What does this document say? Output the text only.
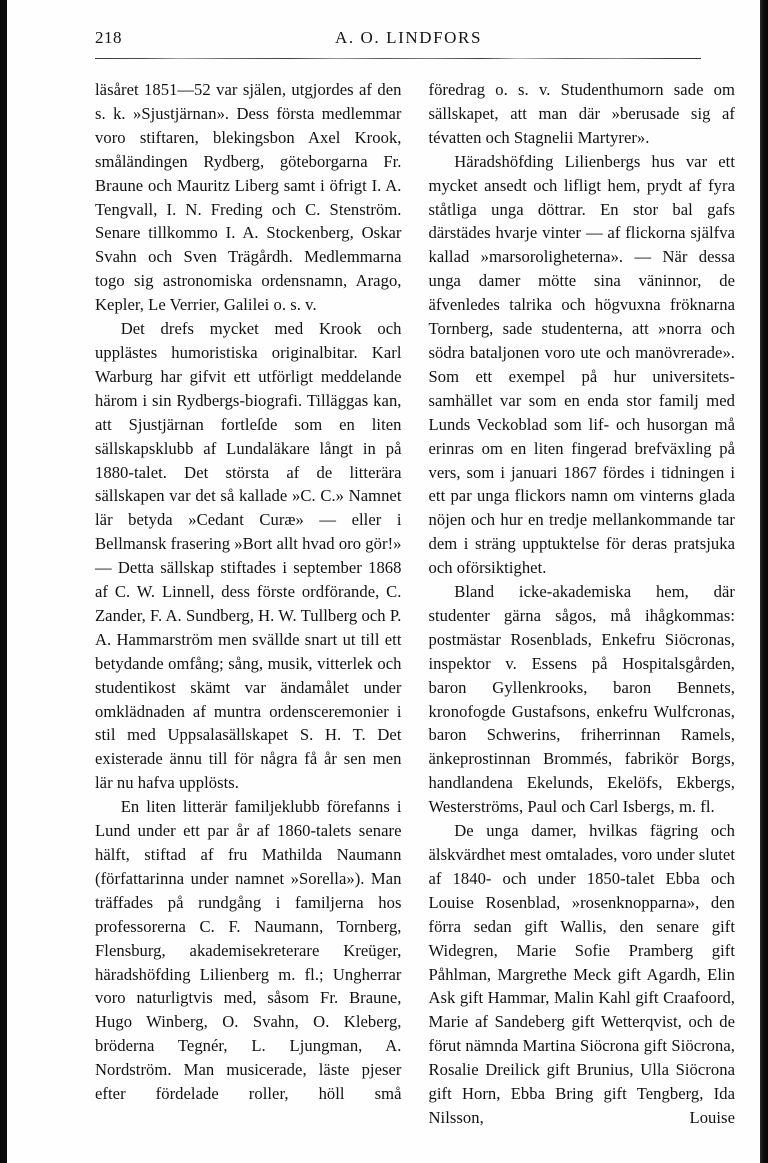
218	A. O. LINDFORS

läsåret 1851—52 var själen, utgjordes af den s. k. »Sjustjärnan». Dess första medlemmar voro stiftaren, blekingsbon Axel Krook, småländingen Rydberg, göteborgarna Fr. Braune och Mauritz Liberg samt i öfrigt I. A. Tengvall, I. N. Freding och C. Stenström. Senare tillkommo I. A. Stockenberg, Oskar Svahn och Sven Trägårdh. Medlemmarna togo sig astronomiska ordensnamn, Arago, Kepler, Le Verrier, Galilei o. s. v.

Det drefs mycket med Krook och upplästes humoristiska originalbitar. Karl Warburg har gifvit ett utförligt meddelande härom i sin Rydbergs-biografi. Tilläggas kan, att Sjustjärnan fortleſde som en liten sällskapsklubb af Lundaläkare långt in på 1880-talet. Det största af de litterära sällskapen var det så kallade »C. C.» Namnet lär betyda »Cedant Curæ» — eller i Bellmansk frasering »Bort allt hvad oro gör!» — Detta sällskap stiftades i september 1868 af C. W. Linnell, dess förste ordförande, C. Zander, F. A. Sundberg, H. W. Tullberg och P. A. Hammarström men svällde snart ut till ett betydande omfång; sång, musik, vitterlek och studentikost skämt var ändamålet under omklädnaden af muntra ordensceremonier i stil med Uppsalasällskapet S. H. T. Det existerade ännu till för några få år sen men lär nu hafva upplösts.

En liten litterär familjeklubb förefanns i Lund under ett par år af 1860-talets senare hälft, stiftad af fru Mathilda Naumann (författarinna under namnet »Sorella»). Man träffades på rundgång i familjerna hos professorerna C. F. Naumann, Tornberg, Flensburg, akademisekreterare Kreüger, häradshöfding Lilienberg m. fl.; Ungherrar voro naturligtvis med, såsom Fr. Braune, Hugo Winberg, O. Svahn, O. Kleberg, bröderna Tegnér, L. Ljungman, A. Nordström. Man musicerade, läste pjeser efter fördelade roller, höll små

föredrag o. s. v. Studenthumorn sade om sällskapet, att man där »berusade sig af tévatten och Stagnelii Martyrer».

Häradshöfding Lilienbergs hus var ett mycket ansedt och lifligt hem, prydt af fyra ståtliga unga döttrar. En stor bal gafs därstädes hvarje vinter — af flickorna själfva kallad »marsoroligheterna». — När dessa unga damer mötte sina väninnor, de äfvenledes talrika och högvuxna fröknarna Tornberg, sade studenterna, att »norra och södra bataljonen voro ute och manövrerade». Som ett exempel på hur universitets-samhället var som en enda stor familj med Lunds Veckoblad som lif- och husorgan må erinras om en liten fingerad brefväxling på vers, som i januari 1867 fördes i tidningen i ett par unga flickors namn om vinterns glada nöjen och hur en tredje mellankommande tar dem i sträng upptuktelse för deras pratsjuka och oförsiktighet.

Bland icke-akademiska hem, där studenter gärna sågos, må ihågkommas: postmästar Rosenblads, Enkefru Siöcronas, inspektor v. Essens på Hospitalsgården, baron Gyllenkrooks, baron Bennets, kronofogde Gustafsons, enkefru Wulfcronas, baron Schwerins, friherrinnan Ramels, änkeprostinnan Brommés, fabrikör Borgs, handlandena Ekelunds, Ekelöfs, Ekbergs, Westerströms, Paul och Carl Isbergs, m. fl.

De unga damer, hvilkas fägring och älskvärdhet mest omtalades, voro under slutet af 1840- och under 1850-talet Ebba och Louise Rosenblad, »rosenknopparna», den förra sedan gift Wallis, den senare gift Widegren, Marie Sofie Pramberg gift Påhlman, Margrethe Meck gift Agardh, Elin Ask gift Hammar, Malin Kahl gift Craafoord, Marie af Sandeberg gift Wetterqvist, och de förut nämnda Martina Siöcrona gift Siöcrona, Rosalie Dreilick gift Brunius, Ulla Siöcrona gift Horn, Ebba Bring gift Tengberg, Ida Nilsson, Louise
